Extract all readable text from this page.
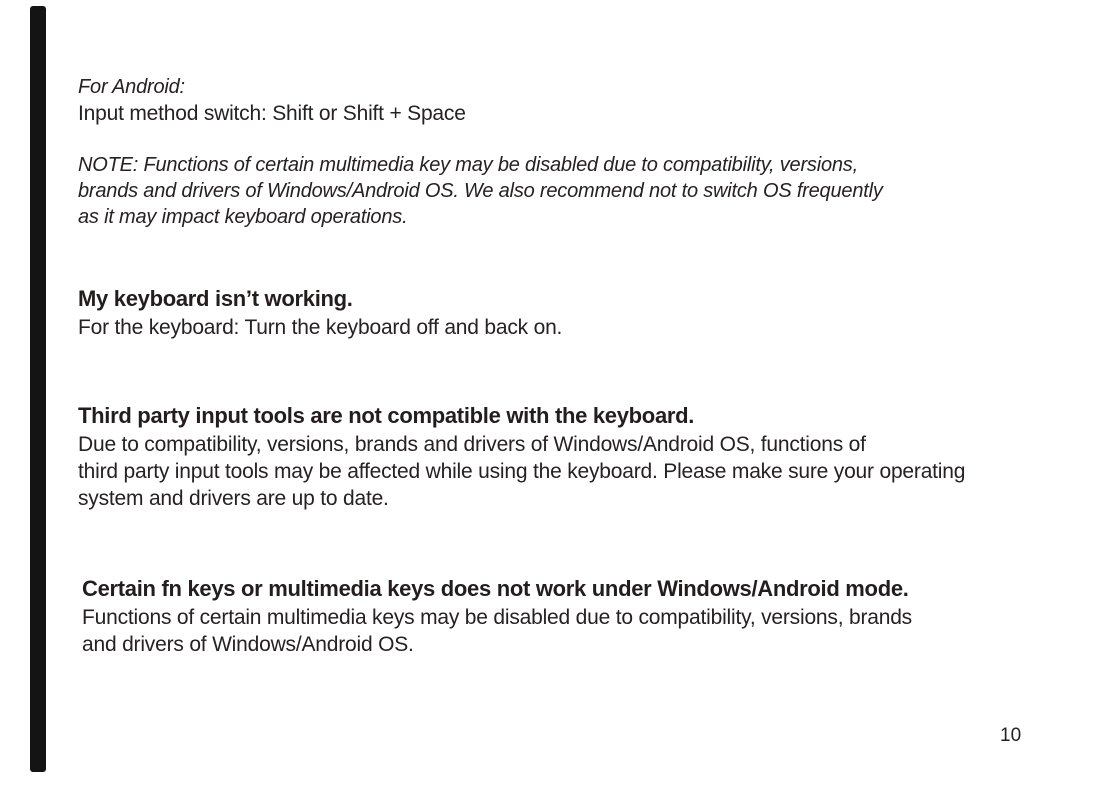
For Android:
Input method switch: Shift or Shift + Space
NOTE: Functions of certain multimedia key may be disabled due to compatibility, versions,
brands and drivers of Windows/Android OS. We also recommend not to switch OS frequently
as it may impact keyboard operations.
My keyboard isn’t working.
For the keyboard: Turn the keyboard off and back on.
Third party input tools are not compatible with the keyboard.
Due to compatibility, versions, brands and drivers of Windows/Android OS, functions of
third party input tools may be affected while using the keyboard. Please make sure your operating
system and drivers are up to date.
Certain fn keys or multimedia keys does not work under Windows/Android mode.
Functions of certain multimedia keys may be disabled due to compatibility, versions, brands
and drivers of Windows/Android OS.
10
